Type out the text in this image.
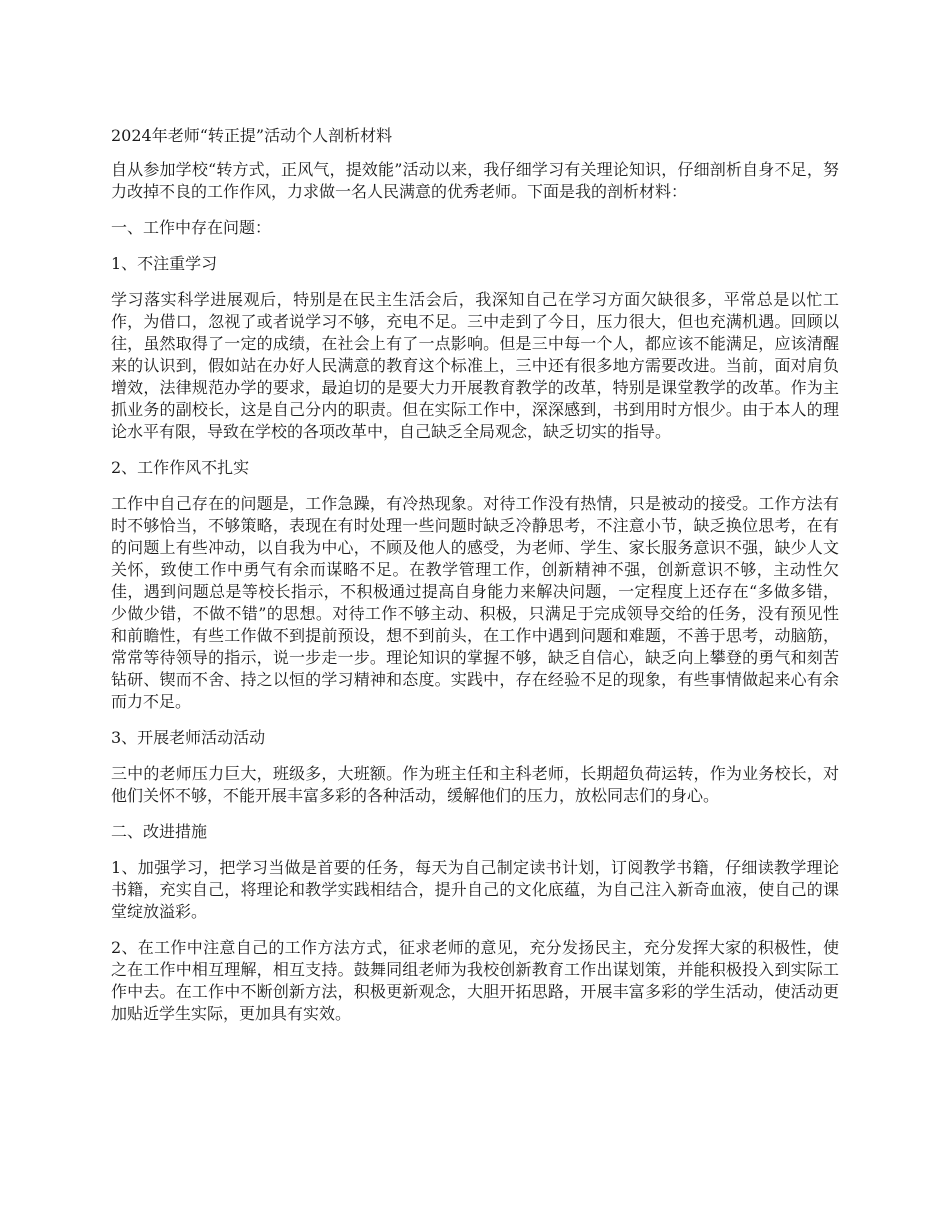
2024年老师“转正提”活动个人剖析材料

自从参加学校“转方式，正风气，提效能”活动以来，我仔细学习有关理论知识，仔细剖析自身不足，努力改掉不良的工作作风，力求做一名人民满意的优秀老师。下面是我的剖析材料：

一、工作中存在问题：
1、不注重学习

学习落实科学进展观后，特别是在民主生活会后，我深知自己在学习方面欠缺很多，平常总是以忙工作，为借口，忽视了或者说学习不够，充电不足。三中走到了今日，压力很大，但也充满机遇。回顾以往，虽然取得了一定的成绩，在社会上有了一点影响。但是三中每一个人，都应该不能满足，应该清醒来的认识到，假如站在办好人民满意的教育这个标准上，三中还有很多地方需要改进。当前，面对肩负增效，法律规范办学的要求，最迫切的是要大力开展教育教学的改革，特别是课堂教学的改革。作为主抓业务的副校长，这是自己分内的职责。但在实际工作中，深深感到，书到用时方恨少。由于本人的理论水平有限，导致在学校的各项改革中，自己缺乏全局观念，缺乏切实的指导。

2、工作作风不扎实

工作中自己存在的问题是，工作急躁，有冷热现象。对待工作没有热情，只是被动的接受。工作方法有时不够恰当，不够策略，表现在有时处理一些问题时缺乏冷静思考，不注意小节，缺乏换位思考，在有的问题上有些冲动，以自我为中心，不顾及他人的感受，为老师、学生、家长服务意识不强，缺少人文关怀，致使工作中勇气有余而谋略不足。在教学管理工作，创新精神不强，创新意识不够，主动性欠佳，遇到问题总是等校长指示，不积极通过提高自身能力来解决问题，一定程度上还存在“多做多错，少做少错，不做不错”的思想。对待工作不够主动、积极，只满足于完成领导交给的任务，没有预见性和前瞻性，有些工作做不到提前预设，想不到前头，在工作中遇到问题和难题，不善于思考，动脑筋，常常等待领导的指示，说一步走一步。理论知识的掌握不够，缺乏自信心，缺乏向上攀登的勇气和刻苦钻研、锲而不舍、持之以恒的学习精神和态度。实践中，存在经验不足的现象，有些事情做起来心有余而力不足。

3、开展老师活动活动

三中的老师压力巨大，班级多，大班额。作为班主任和主科老师，长期超负荷运转，作为业务校长，对他们关怀不够，不能开展丰富多彩的各种活动，缓解他们的压力，放松同志们的身心。

二、改进措施

1、加强学习，把学习当做是首要的任务，每天为自己制定读书计划，订阅教学书籍，仔细读教学理论书籍，充实自己，将理论和教学实践相结合，提升自己的文化底蕴，为自己注入新奇血液，使自己的课堂绽放溢彩。

2、在工作中注意自己的工作方法方式，征求老师的意见，充分发扬民主，充分发挥大家的积极性，使之在工作中相互理解，相互支持。鼓舞同组老师为我校创新教育工作出谋划策，并能积极投入到实际工作中去。在工作中不断创新方法，积极更新观念，大胆开拓思路，开展丰富多彩的学生活动，使活动更加贴近学生实际，更加具有实效。
